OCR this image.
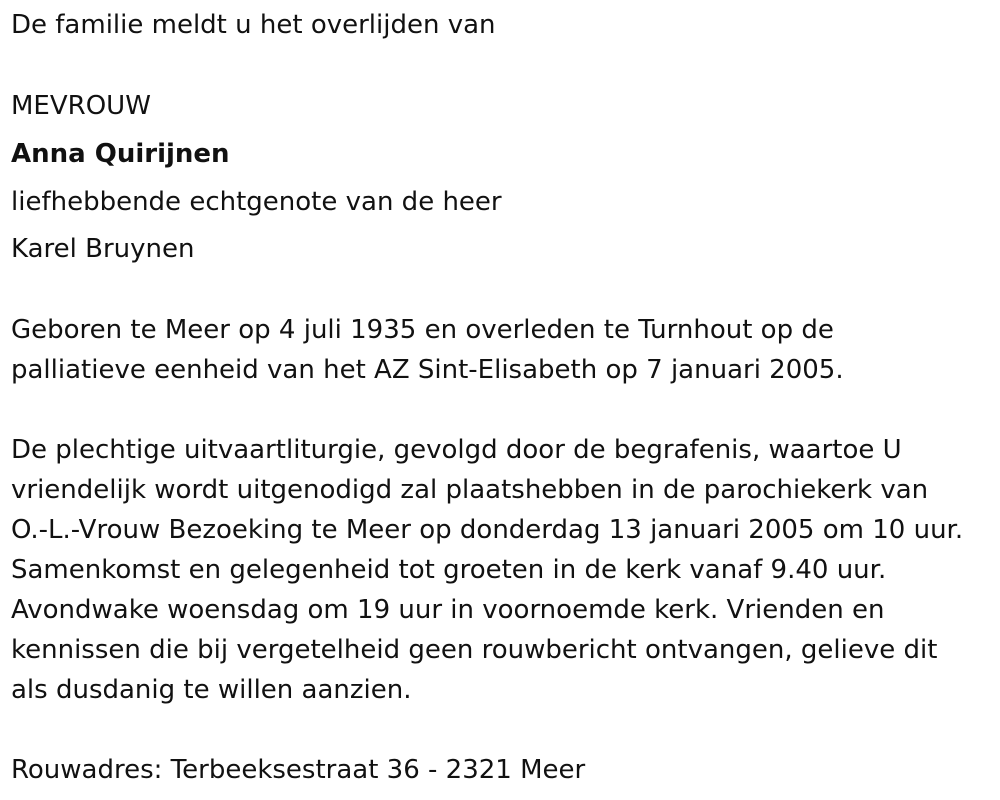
De familie meldt u het overlijden van
MEVROUW
Anna Quirijnen
liefhebbende echtgenote van de heer
Karel Bruynen
Geboren te Meer op 4 juli 1935 en overleden te Turnhout op de
palliatieve eenheid van het AZ Sint-Elisabeth op 7 januari 2005.
De plechtige uitvaartliturgie, gevolgd door de begrafenis, waartoe U
vriendelijk wordt uitgenodigd zal plaatshebben in de parochiekerk van
O.-L.-Vrouw Bezoeking te Meer op donderdag 13 januari 2005 om 10 uur.
Samenkomst en gelegenheid tot groeten in de kerk vanaf 9.40 uur.
Avondwake woensdag om 19 uur in voornoemde kerk. Vrienden en
kennissen die bij vergetelheid geen rouwbericht ontvangen, gelieve dit
als dusdanig te willen aanzien.
Rouwadres: Terbeeksestraat 36 - 2321 Meer
